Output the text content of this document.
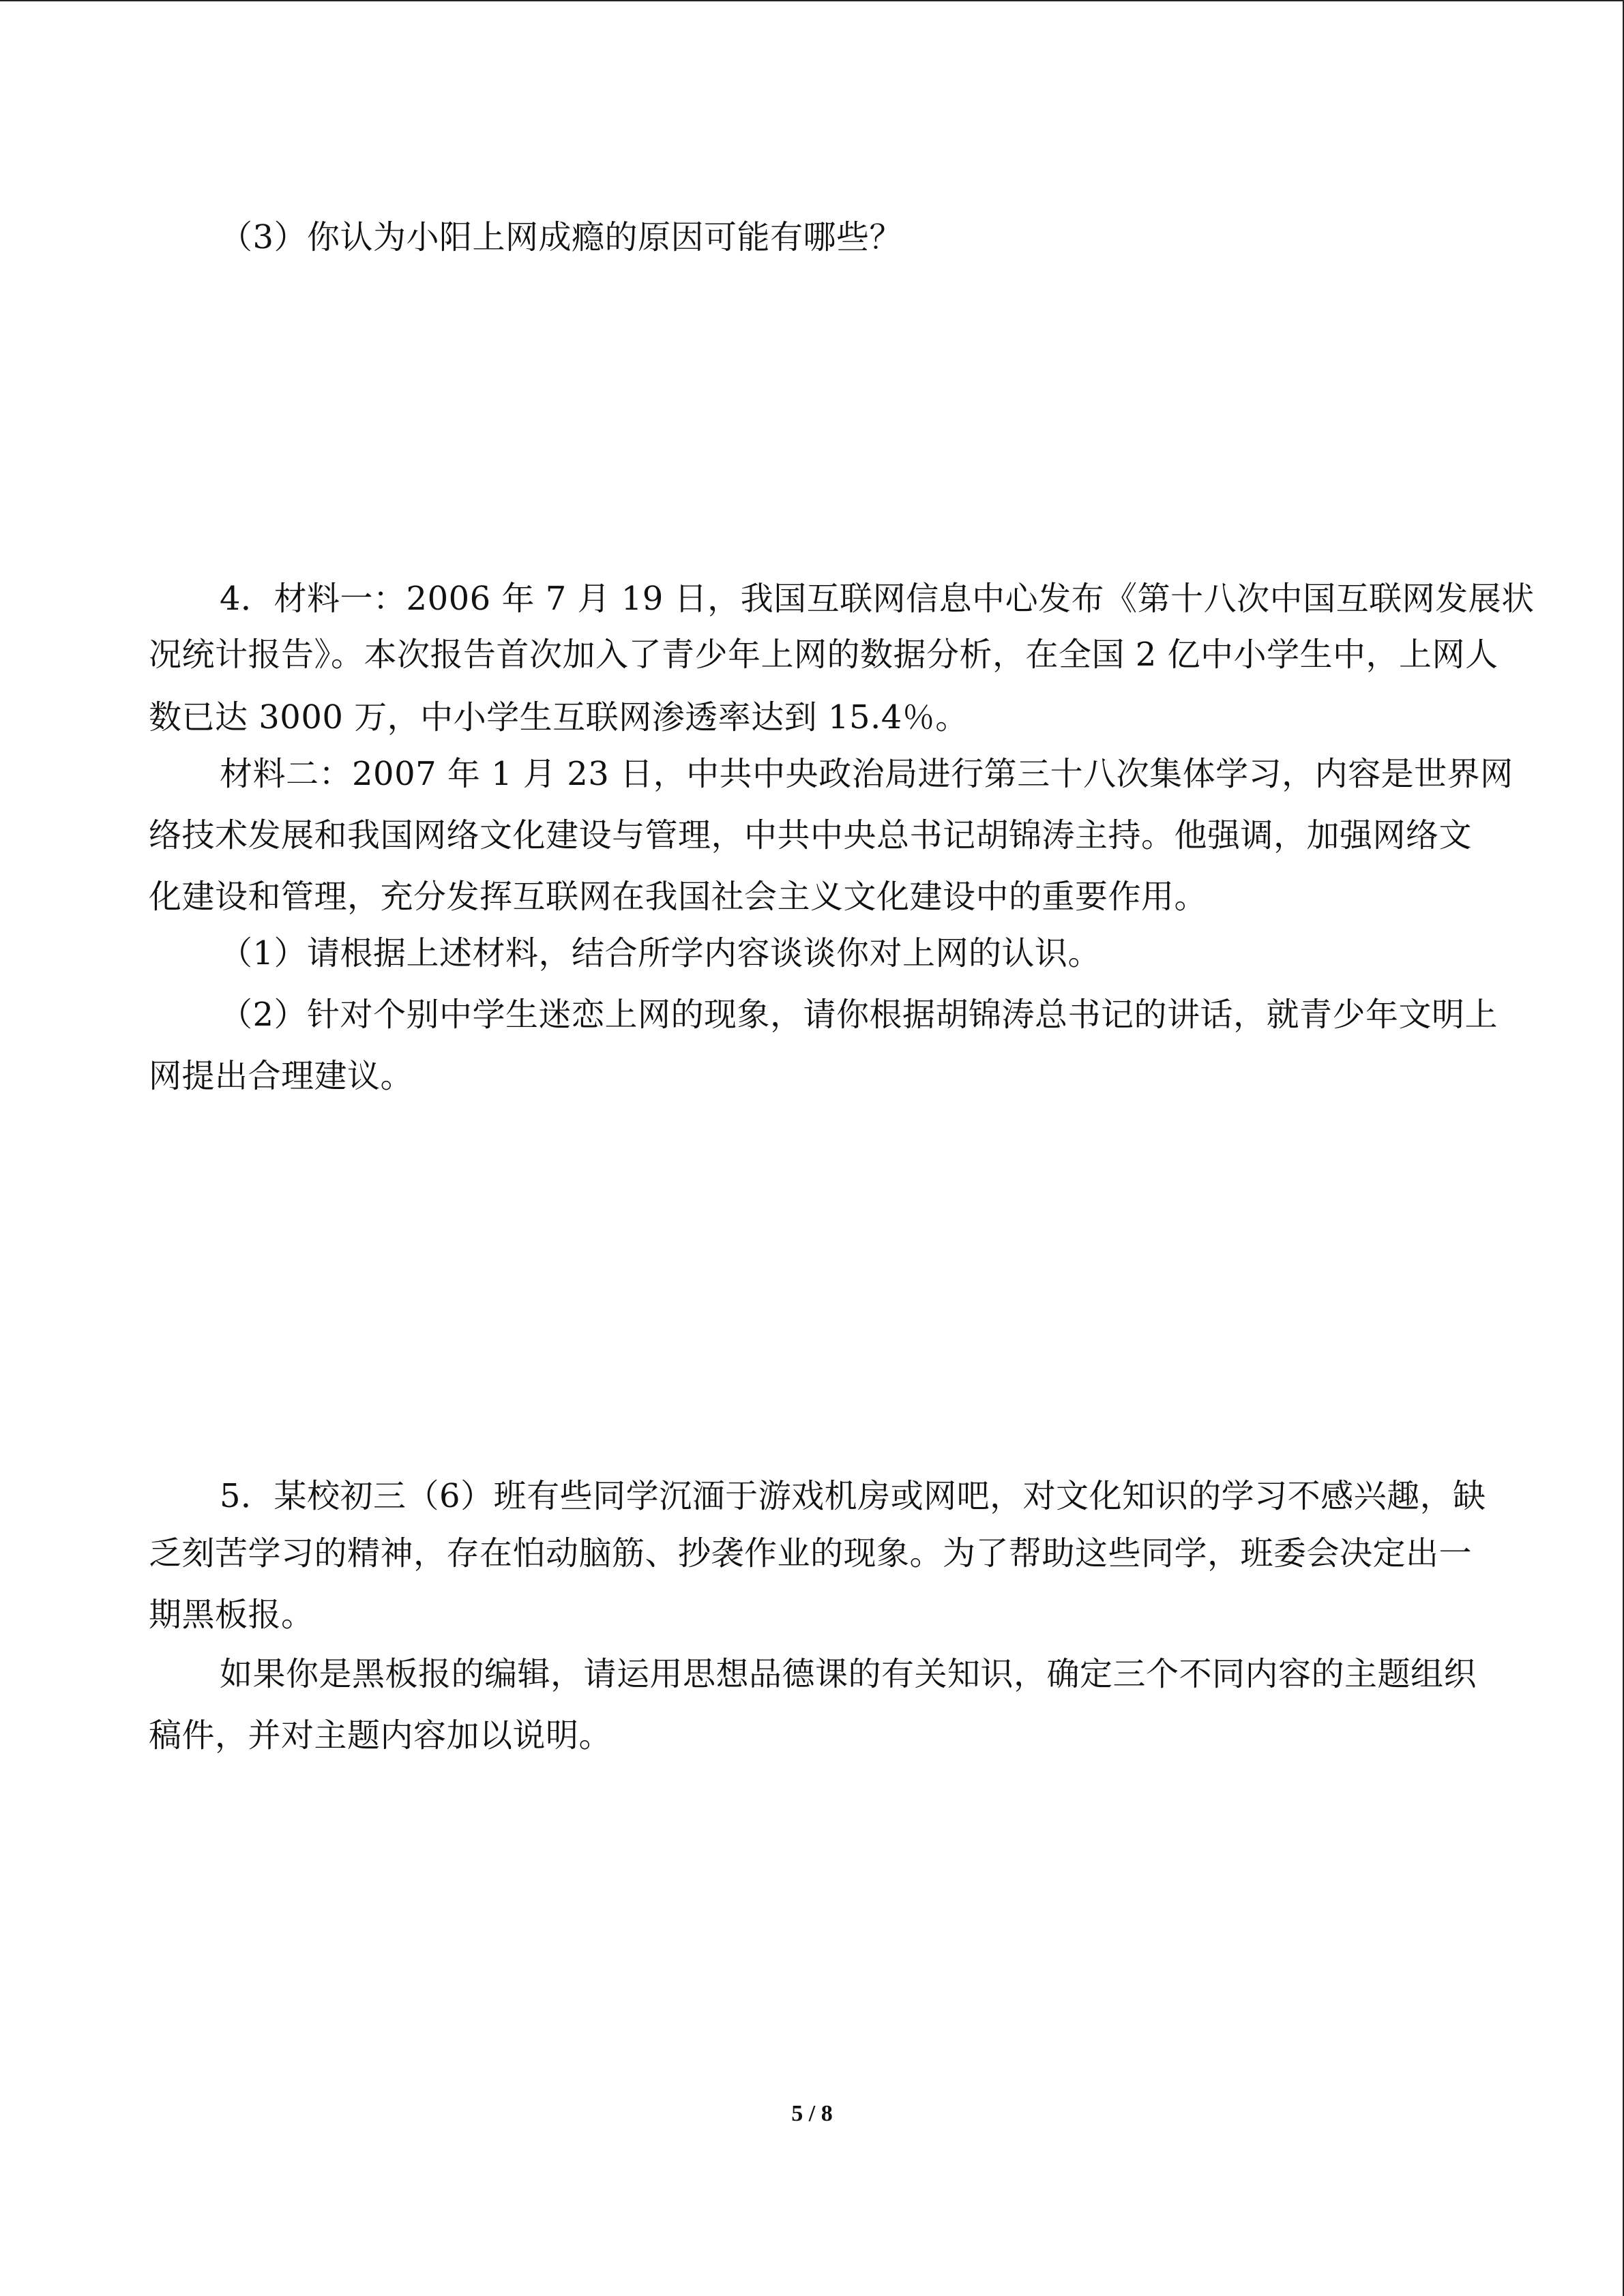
（3）你认为小阳上网成瘾的原因可能有哪些？
4．材料一：2006 年 7 月 19 日，我国互联网信息中心发布《第十八次中国互联网发展状
况统计报告》。本次报告首次加入了青少年上网的数据分析，在全国 2 亿中小学生中，上网人
数已达 3000 万，中小学生互联网渗透率达到 15.4％。
材料二：2007 年 1 月 23 日，中共中央政治局进行第三十八次集体学习，内容是世界网
络技术发展和我国网络文化建设与管理，中共中央总书记胡锦涛主持。他强调，加强网络文
化建设和管理，充分发挥互联网在我国社会主义文化建设中的重要作用。
（1）请根据上述材料，结合所学内容谈谈你对上网的认识。
（2）针对个别中学生迷恋上网的现象，请你根据胡锦涛总书记的讲话，就青少年文明上
网提出合理建议。
5．某校初三（6）班有些同学沉湎于游戏机房或网吧，对文化知识的学习不感兴趣，缺
乏刻苦学习的精神，存在怕动脑筋、抄袭作业的现象。为了帮助这些同学，班委会决定出一
期黑板报。
如果你是黑板报的编辑，请运用思想品德课的有关知识，确定三个不同内容的主题组织
稿件，并对主题内容加以说明。
5 / 8
